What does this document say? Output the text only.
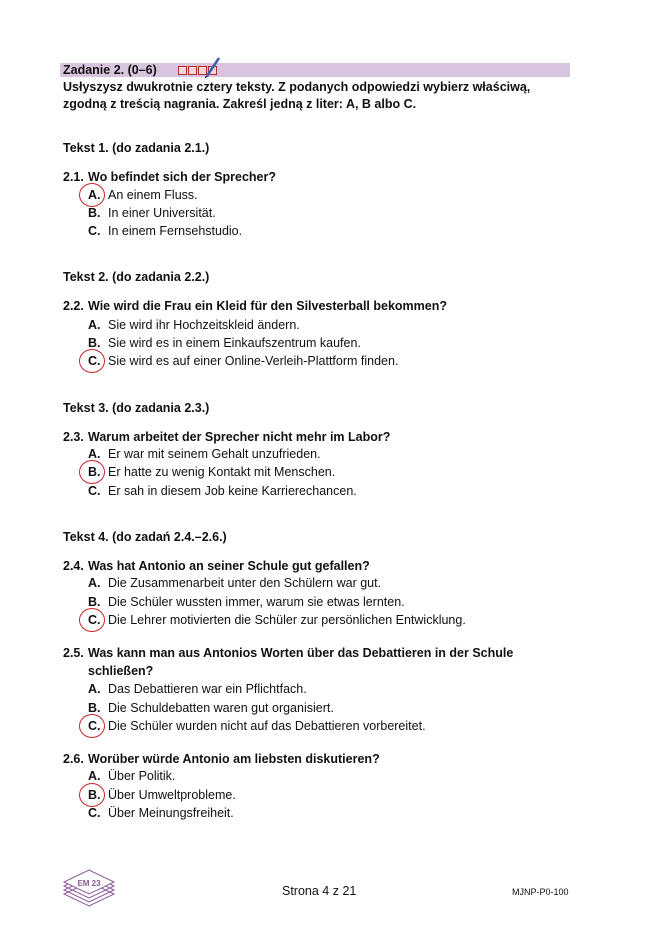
Zadanie 2. (0–6)
Usłyszysz dwukrotnie cztery teksty. Z podanych odpowiedzi wybierz właściwą, zgodną z treścią nagrania. Zakreśl jedną z liter: A, B albo C.
Tekst 1. (do zadania 2.1.)
2.1. Wo befindet sich der Sprecher?
A. An einem Fluss.
B. In einer Universität.
C. In einem Fernsehstudio.
Tekst 2. (do zadania 2.2.)
2.2. Wie wird die Frau ein Kleid für den Silvesterball bekommen?
A. Sie wird ihr Hochzeitskleid ändern.
B. Sie wird es in einem Einkaufszentrum kaufen.
C. Sie wird es auf einer Online-Verleih-Plattform finden.
Tekst 3. (do zadania 2.3.)
2.3. Warum arbeitet der Sprecher nicht mehr im Labor?
A. Er war mit seinem Gehalt unzufrieden.
B. Er hatte zu wenig Kontakt mit Menschen.
C. Er sah in diesem Job keine Karrierechancen.
Tekst 4. (do zadań 2.4.–2.6.)
2.4. Was hat Antonio an seiner Schule gut gefallen?
A. Die Zusammenarbeit unter den Schülern war gut.
B. Die Schüler wussten immer, warum sie etwas lernten.
C. Die Lehrer motivierten die Schüler zur persönlichen Entwicklung.
2.5. Was kann man aus Antonios Worten über das Debattieren in der Schule schließen?
A. Das Debattieren war ein Pflichtfach.
B. Die Schuldebatten waren gut organisiert.
C. Die Schüler wurden nicht auf das Debattieren vorbereitet.
2.6. Worüber würde Antonio am liebsten diskutieren?
A. Über Politik.
B. Über Umweltprobleme.
C. Über Meinungsfreiheit.
EM 23
Strona 4 z 21	MJNP-P0-100
